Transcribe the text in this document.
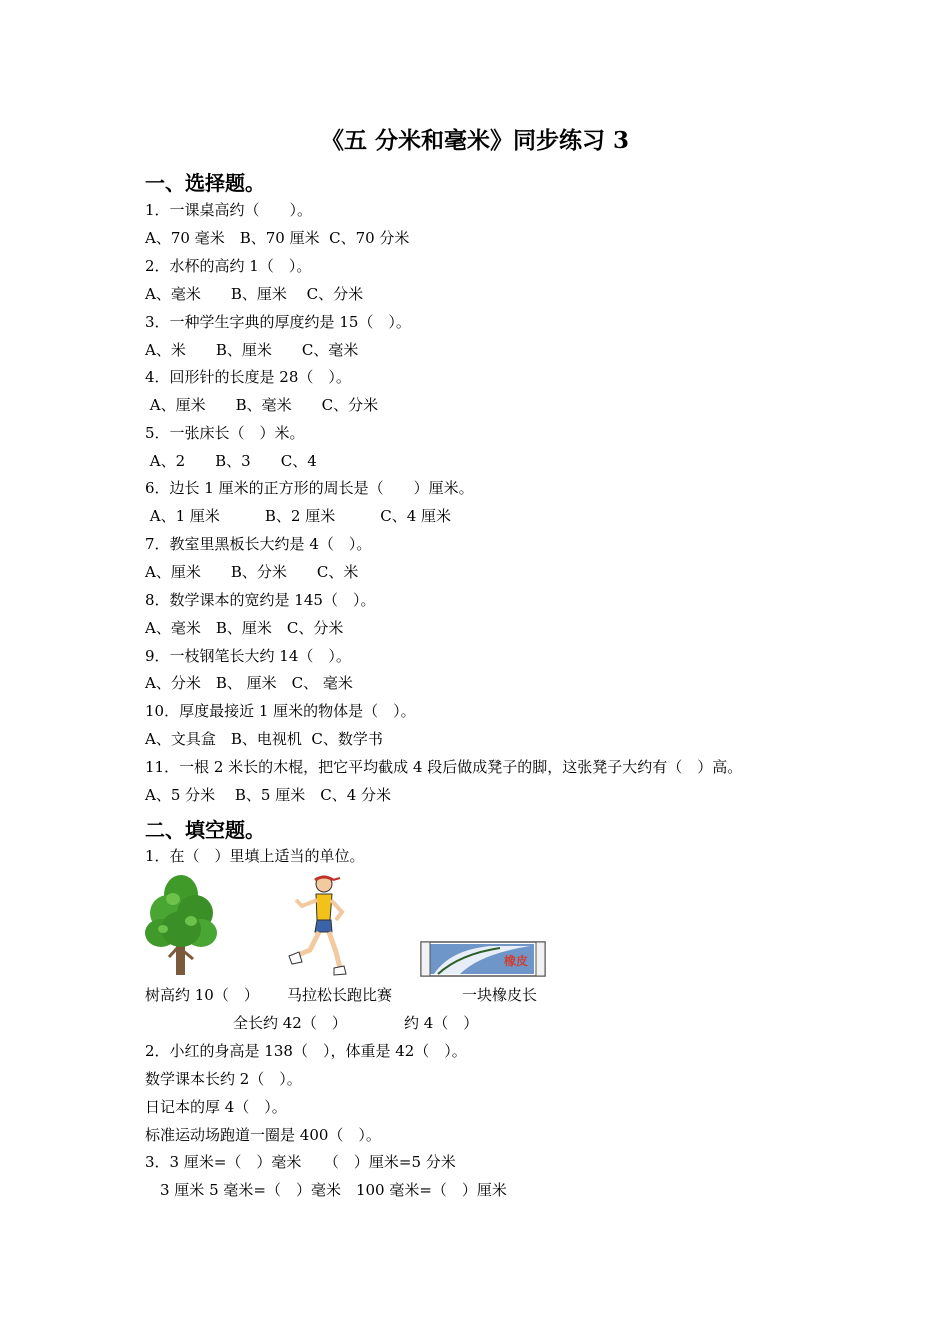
《五 分米和毫米》同步练习 3
一、选择题。
1．一课桌高约（　　）。
A、70 毫米　B、70 厘米  C、70 分米
2．水杯的高约 1（　）。
A、毫米　　B、厘米　 C、分米
3．一种学生字典的厚度约是 15（　）。
A、米　　B、厘米　　C、毫米
4．回形针的长度是 28（　）。
A、厘米　　B、毫米　　C、分米
5．一张床长（　）米。
A、2　　B、3　　C、4
6．边长 1 厘米的正方形的周长是（　　）厘米。
A、1 厘米　　　B、2 厘米　　　C、4 厘米
7．教室里黑板长大约是 4（　）。
A、厘米　　B、分米　　C、米
8．数学课本的宽约是 145（　）。
A、毫米　B、厘米　C、分米
9．一枝钢笔长大约 14（　）。
A、分米　B、 厘米　C、 毫米
10．厚度最接近 1 厘米的物体是（　）。
A、文具盒　B、电视机  C、数学书
11．一根 2 米长的木棍，把它平均截成 4 段后做成凳子的脚，这张凳子大约有（　）高。
A、5 分米　 B、5 厘米　C、4 分米
二、填空题。
1．在（　）里填上适当的单位。
橡皮
树高约 10（　） 马拉松长跑比赛	一块橡皮长
全长约 42（　）	约 4（　）
2．小红的身高是 138（　），体重是 42（　）。
数学课本长约 2（　）。
日记本的厚 4（　）。
标准运动场跑道一圈是 400（　）。
3．3 厘米=（　）毫米　　（　）厘米=5 分米
　3 厘米 5 毫米=（　）毫米　100 毫米=（　）厘米
